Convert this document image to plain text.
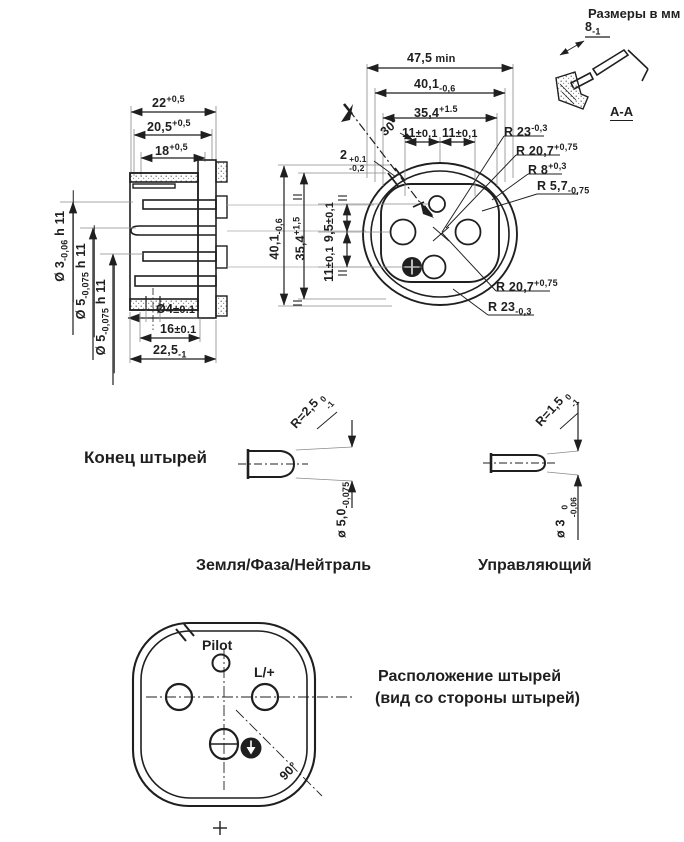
Размеры в мм
$8_{-1}$
A-A
$22^{+0,5}$
$20,5^{+0,5}$
$18^{+0,5}$
Ø $3_{-0,06}$ h 11
Ø $5_{-0,075}$ h 11
Ø $5_{-0,075}$ h 11
Ø4±0.1
16±0.1
$22,5_{-1}$
47,5 min
$40,1_{-0,6}$
$35,4^{+1.5}$
11±0,1 11±0,1
30°
2 +0.1
-0,2
$40,1_{-0,6}$
$35,4^{+1,5}$	9,5±0,1
11±0,1
R $23^{-0,3}$
R $20,7^{+0,75}$
R $8^{+0,3}$
R $5,7_{-0,75}$
R $20,7^{+0,75}$
R $23_{-0,3}$
Конец штырей
R=2,5
0
-1
ø $5,0_{-0,075}$
Земля/Фаза/Нейтраль
R=1,5
0
-1
ø 3
0
-0,06
Управляющий
Pilot
L/+
90°
Расположение штырей
(вид со стороны штырей)
